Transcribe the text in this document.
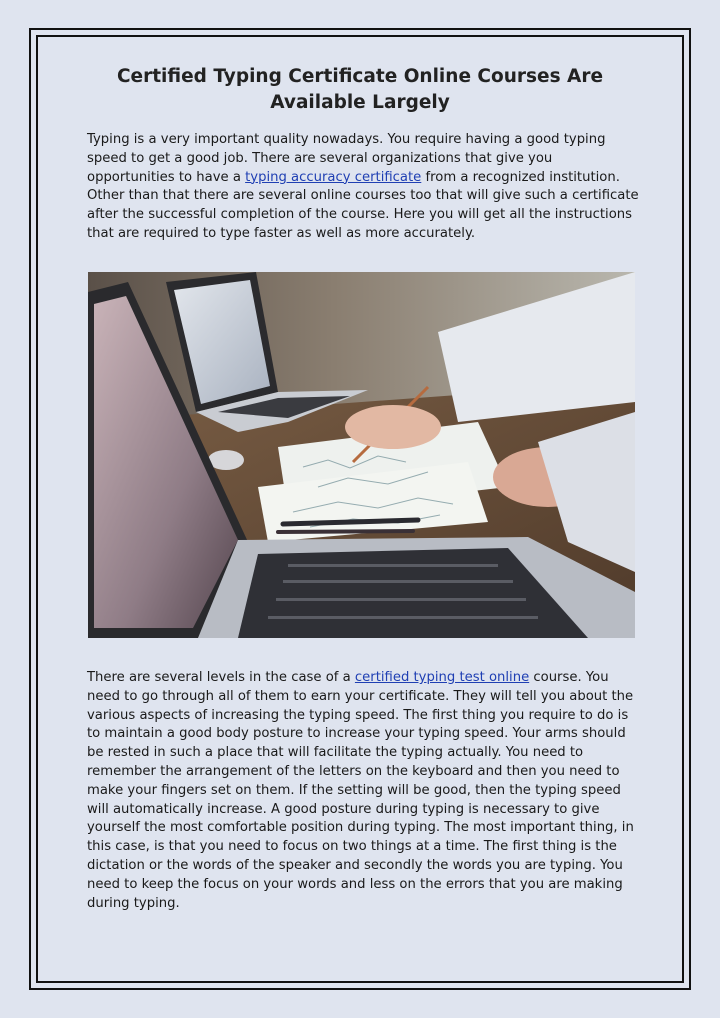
Certified Typing Certificate Online Courses Are Available Largely

Typing is a very important quality nowadays. You require having a good typing speed to get a good job. There are several organizations that give you opportunities to have a typing accuracy certificate from a recognized institution. Other than that there are several online courses too that will give such a certificate after the successful completion of the course. Here you will get all the instructions that are required to type faster as well as more accurately.

There are several levels in the case of a certified typing test online course. You need to go through all of them to earn your certificate. They will tell you about the various aspects of increasing the typing speed. The first thing you require to do is to maintain a good body posture to increase your typing speed. Your arms should be rested in such a place that will facilitate the typing actually. You need to remember the arrangement of the letters on the keyboard and then you need to make your fingers set on them. If the setting will be good, then the typing speed will automatically increase. A good posture during typing is necessary to give yourself the most comfortable position during typing. The most important thing, in this case, is that you need to focus on two things at a time. The first thing is the dictation or the words of the speaker and secondly the words you are typing. You need to keep the focus on your words and less on the errors that you are making during typing.
